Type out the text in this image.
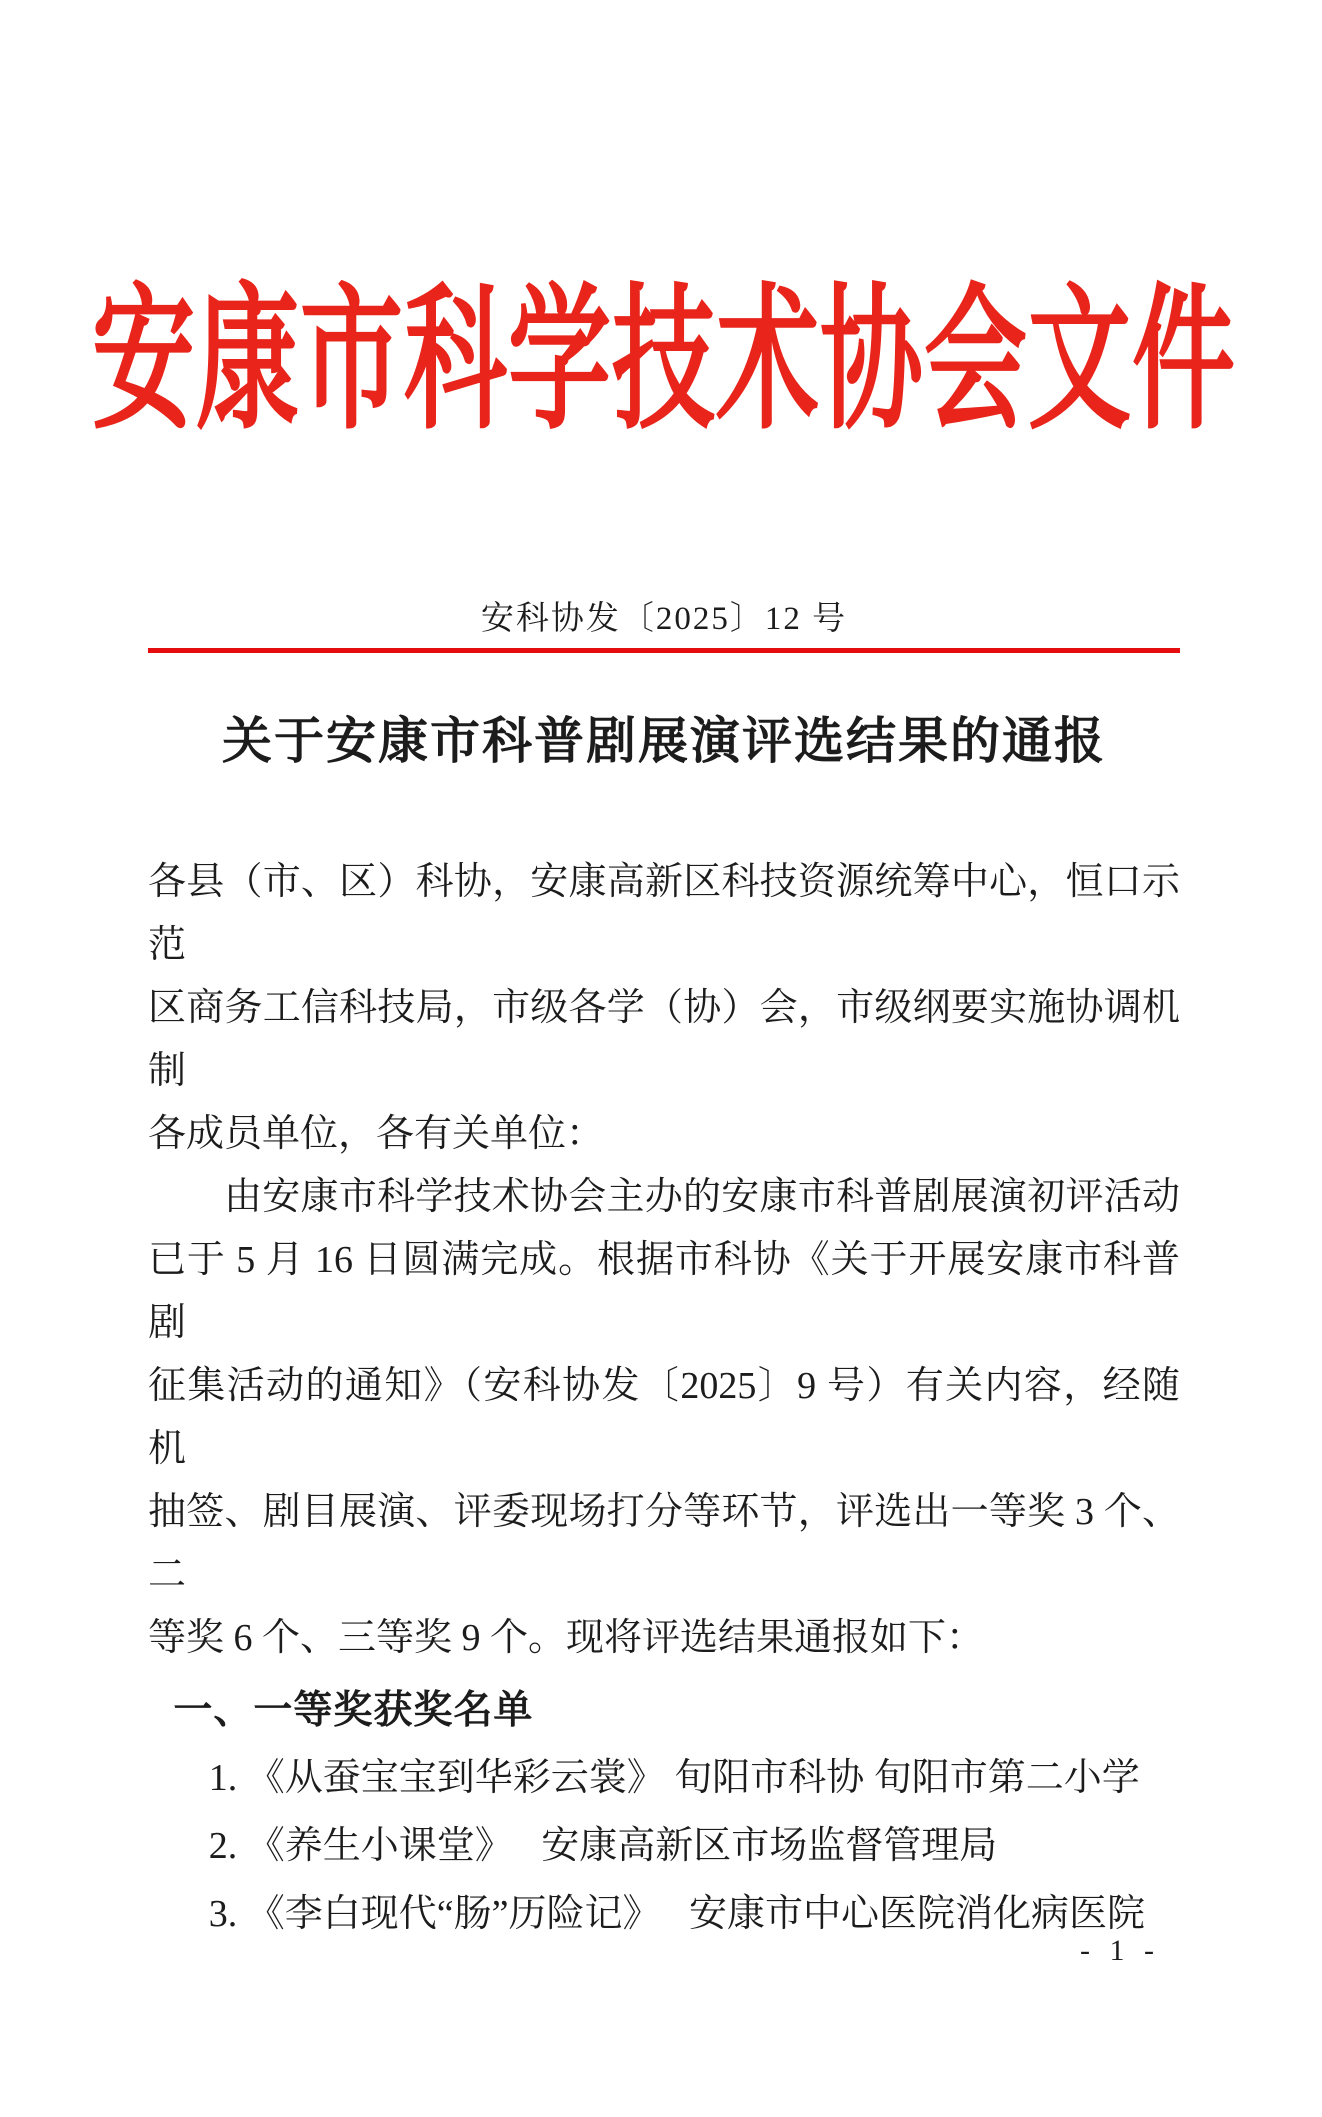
安康市科学技术协会文件
安科协发〔2025〕12 号
关于安康市科普剧展演评选结果的通报
各县（市、区）科协，安康高新区科技资源统筹中心，恒口示范
区商务工信科技局，市级各学（协）会，市级纲要实施协调机制
各成员单位，各有关单位：
由安康市科学技术协会主办的安康市科普剧展演初评活动
已于 5 月 16 日圆满完成。根据市科协《关于开展安康市科普剧
征集活动的通知》（安科协发〔2025〕9 号）有关内容，经随机
抽签、剧目展演、评委现场打分等环节，评选出一等奖 3 个、二
等奖 6 个、三等奖 9 个。现将评选结果通报如下：
一、一等奖获奖名单
1. 《从蚕宝宝到华彩云裳》 旬阳市科协 旬阳市第二小学
2. 《养生小课堂》　 安康高新区市场监督管理局
3. 《李白现代“肠”历险记》　 安康市中心医院消化病医院
- 1 -
